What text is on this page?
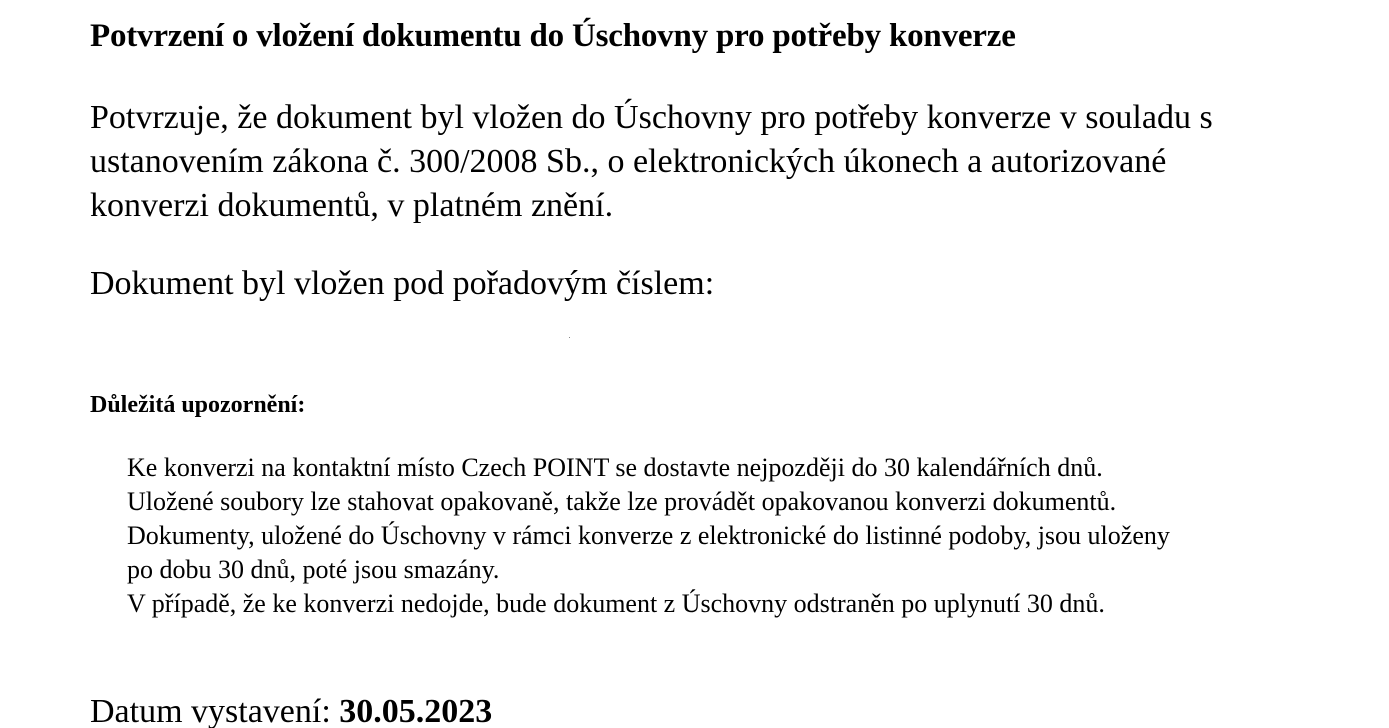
Potvrzení o vložení dokumentu do Úschovny pro potřeby konverze
Potvrzuje, že dokument byl vložen do Úschovny pro potřeby konverze v souladu s
ustanovením zákona č. 300/2008 Sb., o elektronických úkonech a autorizované
konverzi dokumentů, v platném znění.
Dokument byl vložen pod pořadovým číslem:
Důležitá upozornění:
Ke konverzi na kontaktní místo Czech POINT se dostavte nejpozději do 30 kalendářních dnů.
Uložené soubory lze stahovat opakovaně, takže lze provádět opakovanou konverzi dokumentů.
Dokumenty, uložené do Úschovny v rámci konverze z elektronické do listinné podoby, jsou uloženy
po dobu 30 dnů, poté jsou smazány.
V případě, že ke konverzi nedojde, bude dokument z Úschovny odstraněn po uplynutí 30 dnů.
Datum vystavení: 30.05.2023
